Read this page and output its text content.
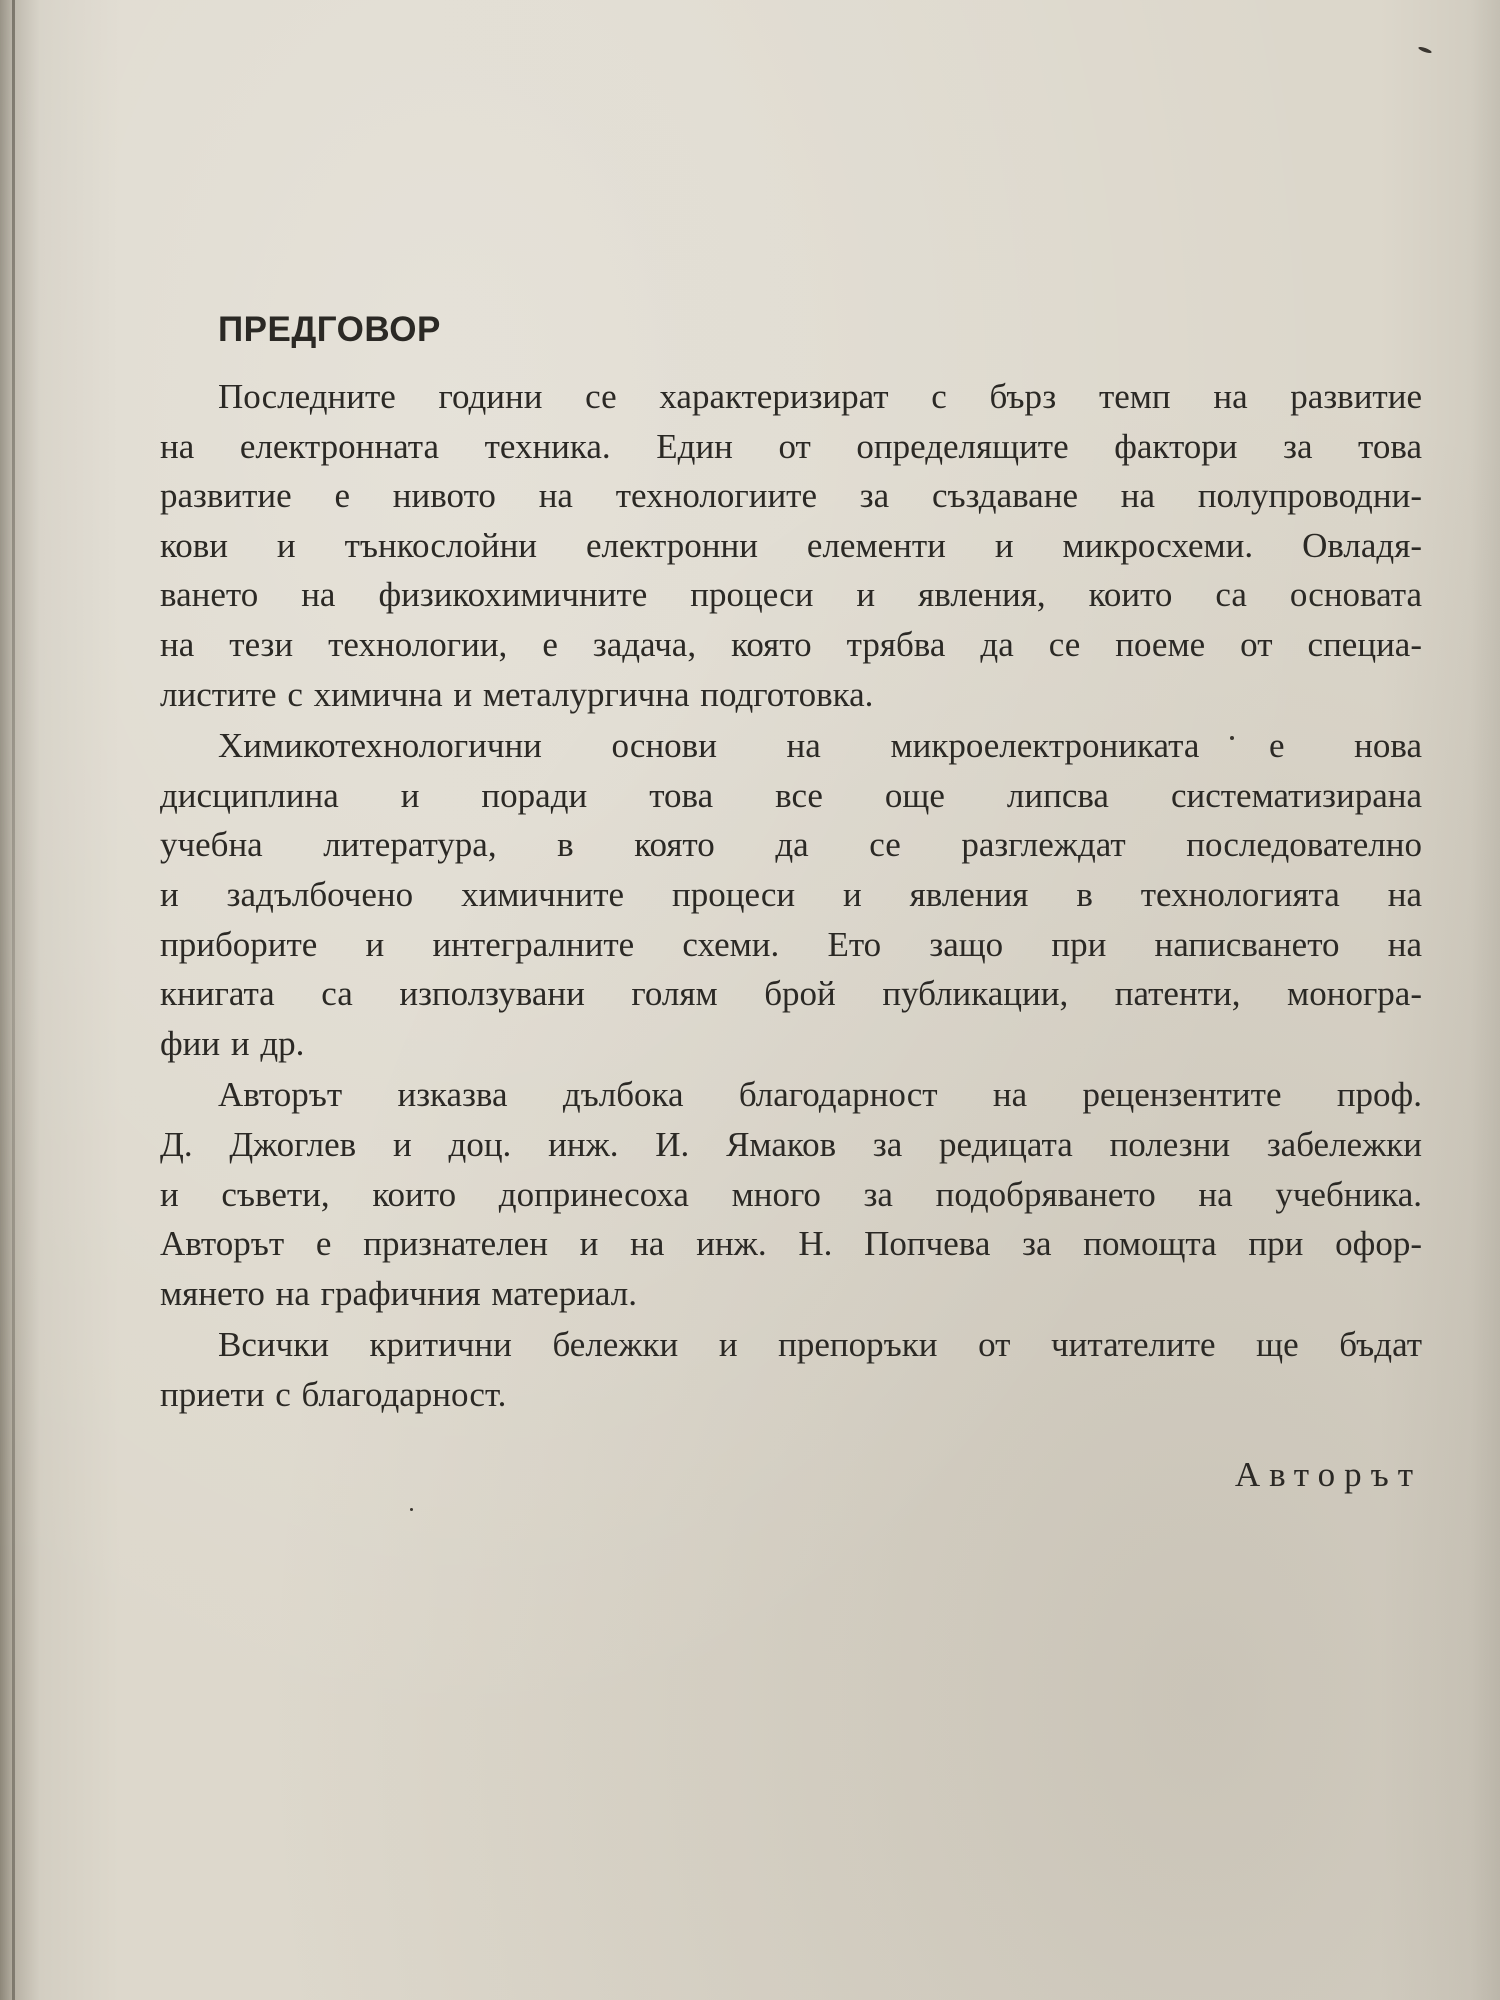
ПРЕДГОВОР
Последните години се характеризират с бърз темп на развитие
на електронната техника. Един от определящите фактори за това
развитие е нивото на технологиите за създаване на полупроводни-
кови и тънкослойни електронни елементи и микросхеми. Овладя-
ването на физикохимичните процеси и явления, които са основата
на тези технологии, е задача, която трябва да се поеме от специа-
листите с химична и металургична подготовка.
Химикотехнологични основи на микроелектрониката е нова
дисциплина и поради това все още липсва систематизирана
учебна литература, в която да се разглеждат последователно
и задълбочено химичните процеси и явления в технологията на
приборите и интегралните схеми. Ето защо при написването на
книгата са използувани голям брой публикации, патенти, моногра-
фии и др.
Авторът изказва дълбока благодарност на рецензентите проф.
Д. Джоглев и доц. инж. И. Ямаков за редицата полезни забележки
и съвети, които допринесоха много за подобряването на учебника.
Авторът е признателен и на инж. Н. Попчева за помощта при офор-
мянето на графичния материал.
Всички критични бележки и препоръки от читателите ще бъдат
приети с благодарност.
Авторът
